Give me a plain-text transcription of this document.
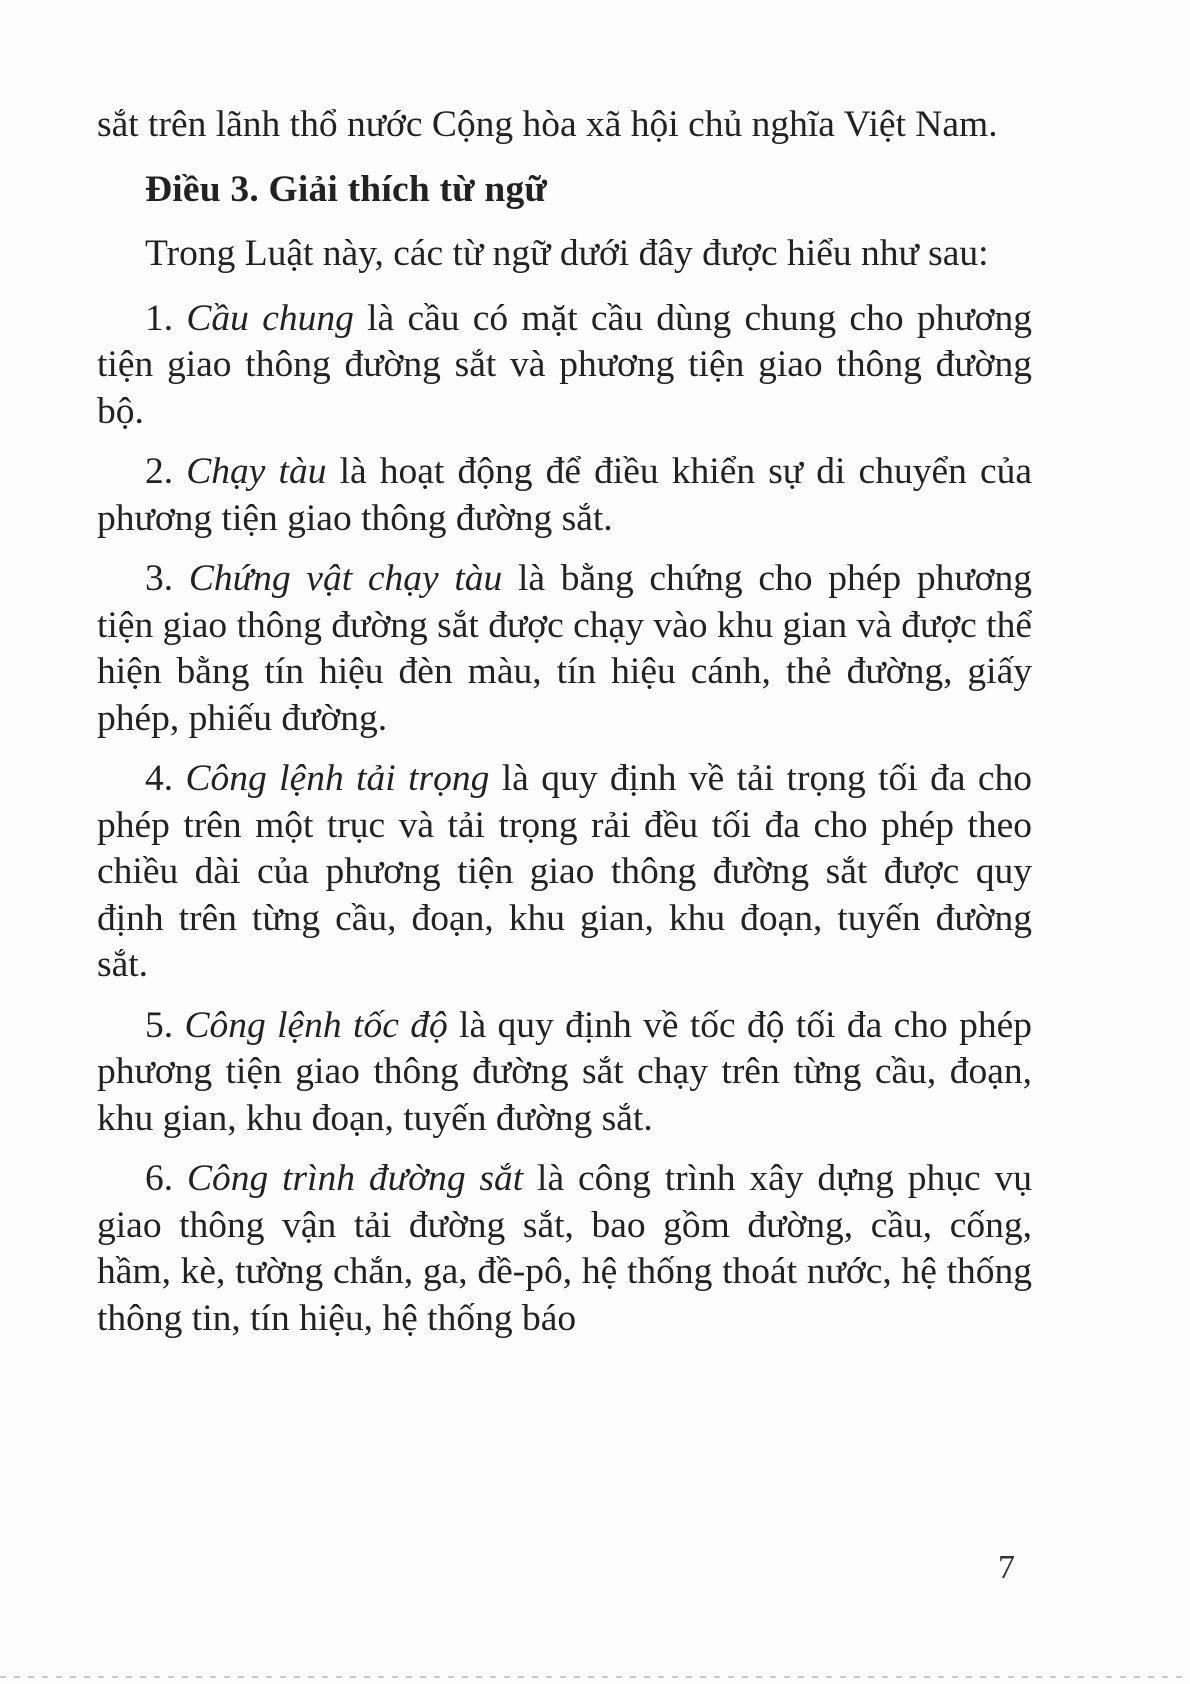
sắt trên lãnh thổ nước Cộng hòa xã hội chủ nghĩa Việt Nam.

Điều 3. Giải thích từ ngữ

Trong Luật này, các từ ngữ dưới đây được hiểu như sau:

1. Cầu chung là cầu có mặt cầu dùng chung cho phương tiện giao thông đường sắt và phương tiện giao thông đường bộ.

2. Chạy tàu là hoạt động để điều khiển sự di chuyển của phương tiện giao thông đường sắt.

3. Chứng vật chạy tàu là bằng chứng cho phép phương tiện giao thông đường sắt được chạy vào khu gian và được thể hiện bằng tín hiệu đèn màu, tín hiệu cánh, thẻ đường, giấy phép, phiếu đường.

4. Công lệnh tải trọng là quy định về tải trọng tối đa cho phép trên một trục và tải trọng rải đều tối đa cho phép theo chiều dài của phương tiện giao thông đường sắt được quy định trên từng cầu, đoạn, khu gian, khu đoạn, tuyến đường sắt.

5. Công lệnh tốc độ là quy định về tốc độ tối đa cho phép phương tiện giao thông đường sắt chạy trên từng cầu, đoạn, khu gian, khu đoạn, tuyến đường sắt.

6. Công trình đường sắt là công trình xây dựng phục vụ giao thông vận tải đường sắt, bao gồm đường, cầu, cống, hầm, kè, tường chắn, ga, đề-pô, hệ thống thoát nước, hệ thống thông tin, tín hiệu, hệ thống báo

7
